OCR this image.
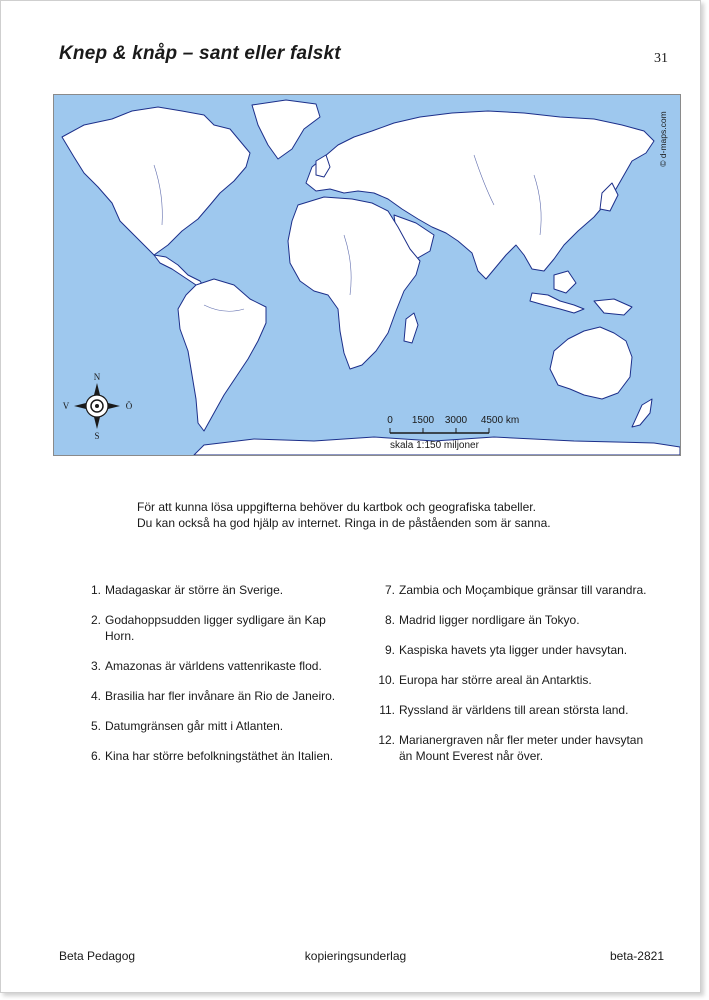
Knep & knåp – sant eller falskt	31
© d-maps.com
N
S
V	Ö
0 1500 3000 4500 km
skala 1:150 miljoner

För att kunna lösa uppgifterna behöver du kartbok och geografiska tabeller.

Du kan också ha god hjälp av internet. Ringa in de påståenden som är sanna.

1. Madagaskar är större än Sverige.
2. Godahoppsudden ligger sydligare än Kap Horn.
3. Amazonas är världens vattenrikaste flod.
4. Brasilia har fler invånare än Rio de Janeiro.
5. Datumgränsen går mitt i Atlanten.
6. Kina har större befolkningstäthet än Italien.
7. Zambia och Moçambique gränsar till varandra.
8. Madrid ligger nordligare än Tokyo.
9. Kaspiska havets yta ligger under havsytan.
10. Europa har större areal än Antarktis.
11. Ryssland är världens till arean största land.
12. Marianergraven når fler meter under havsytan än Mount Everest når över.
Beta Pedagog	kopieringsunderlag	beta-2821
